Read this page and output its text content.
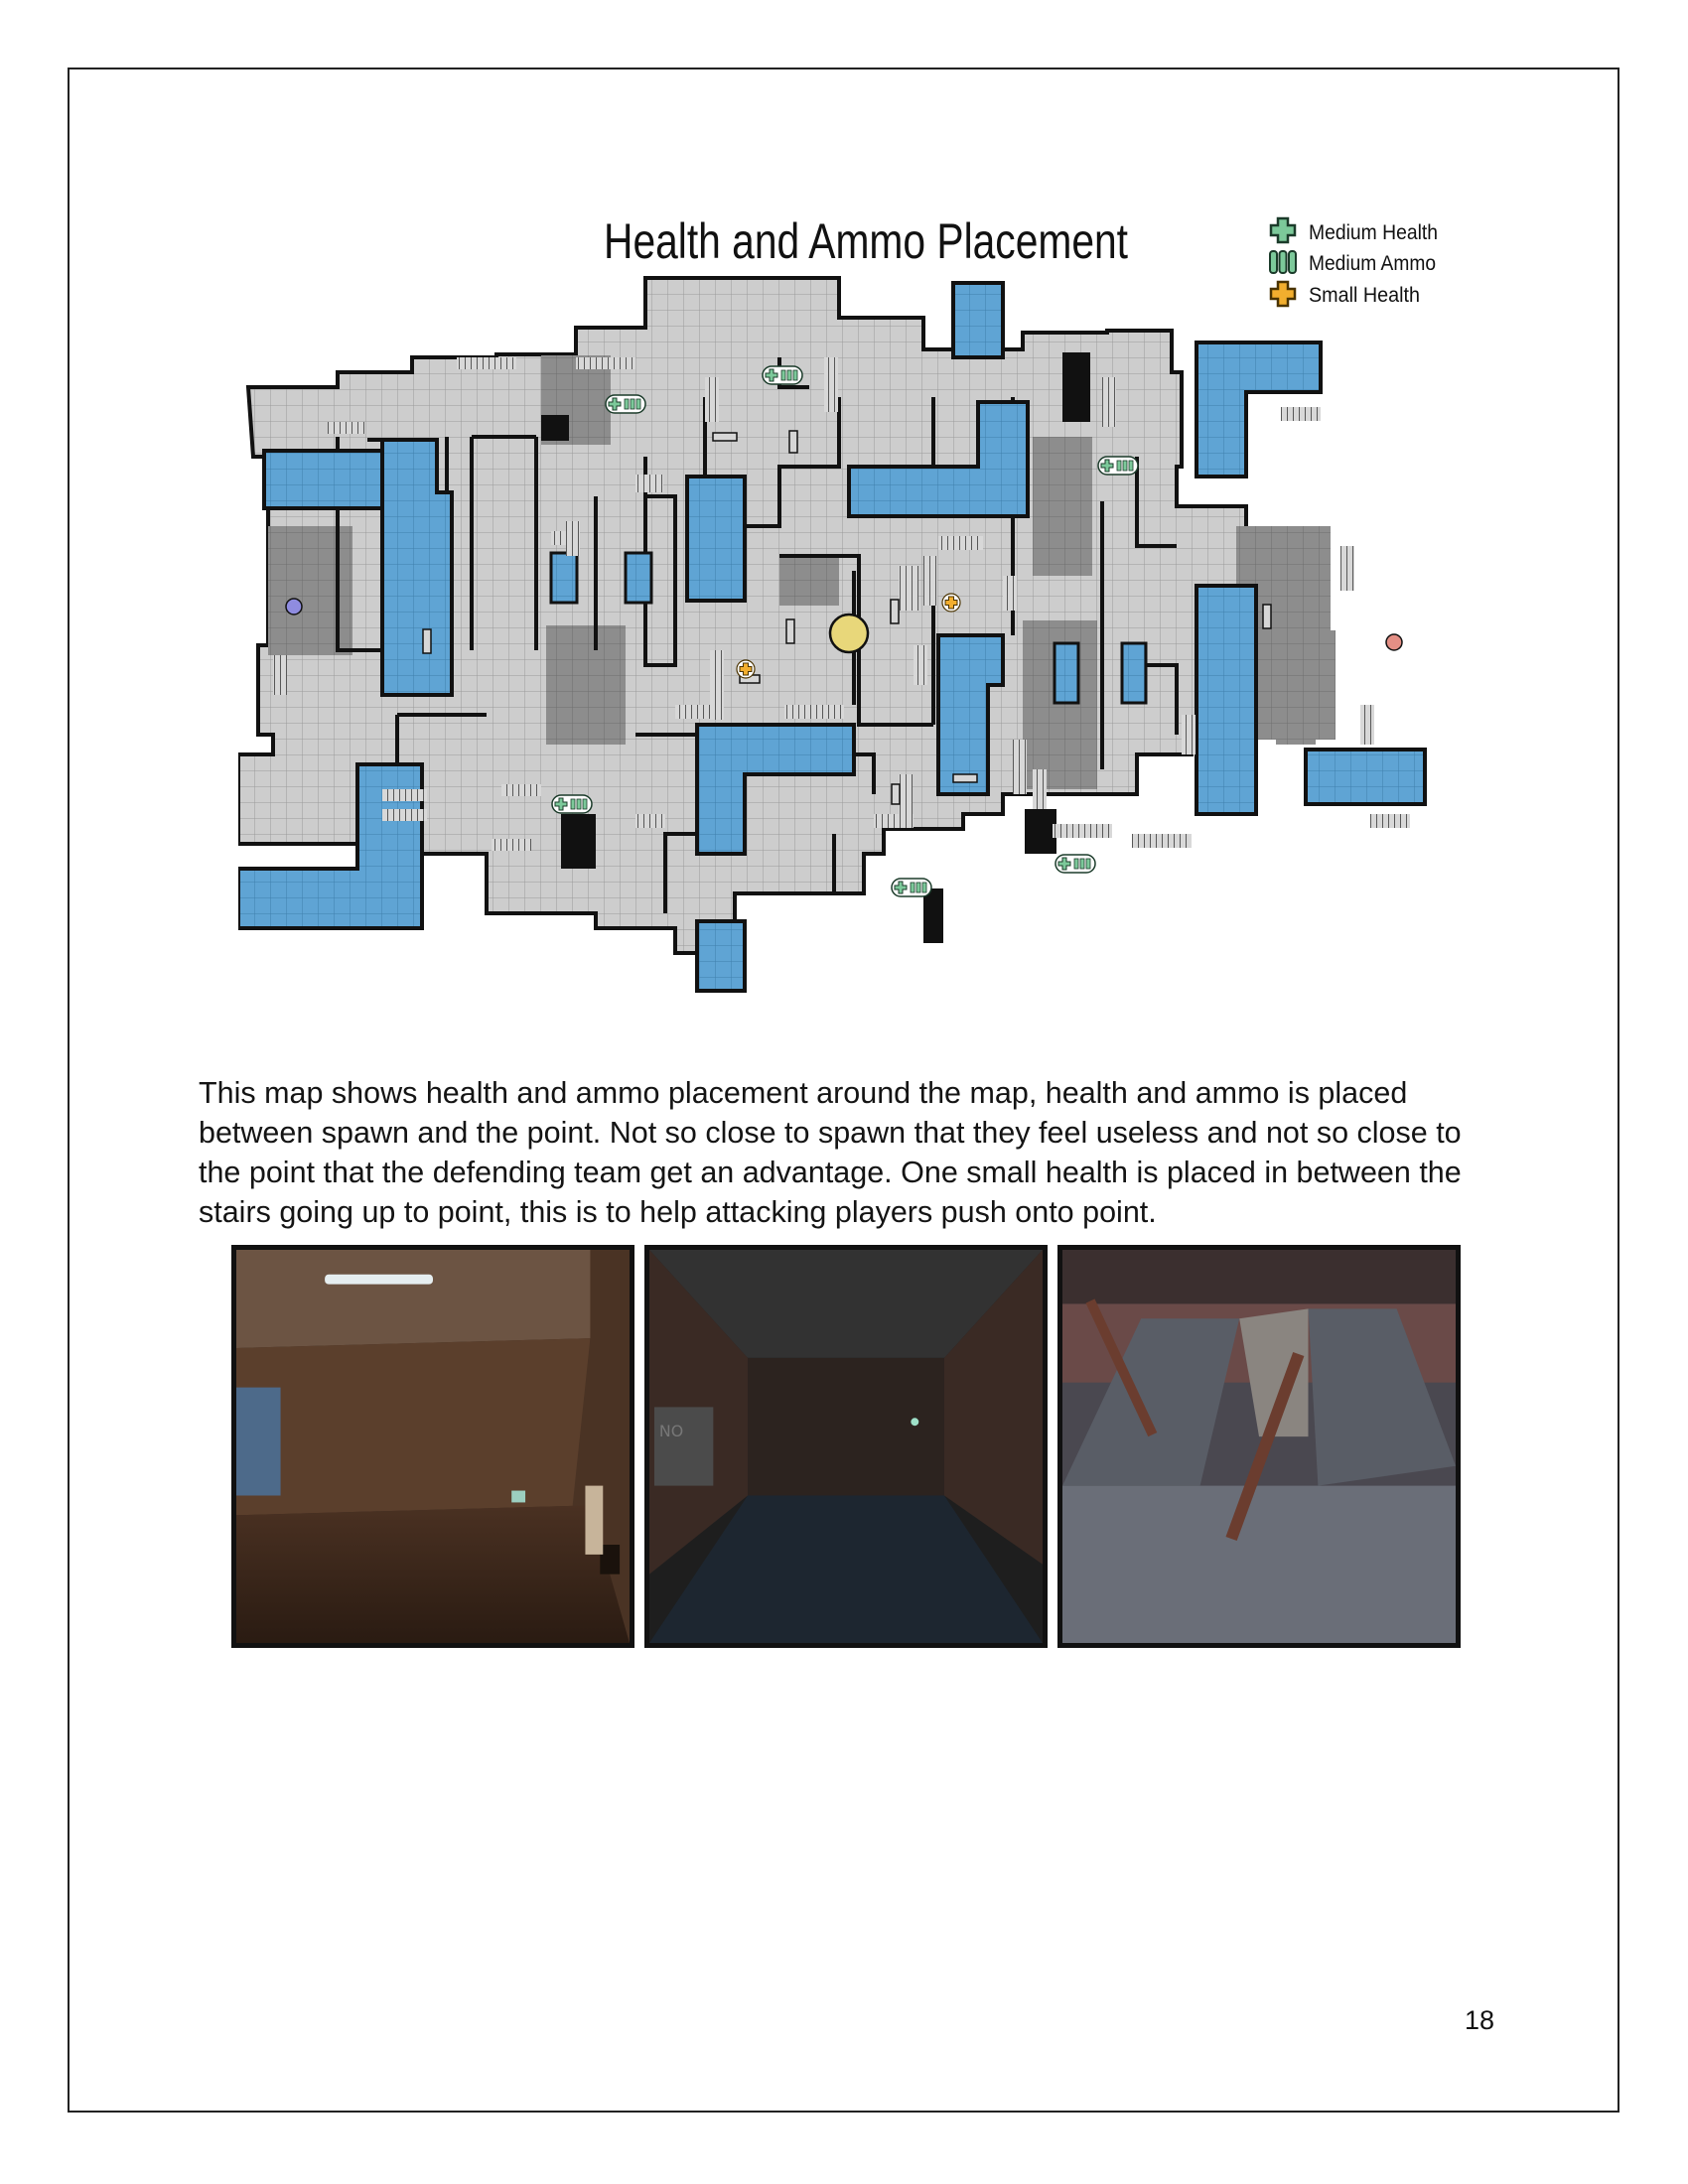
Health and Ammo Placement	Medium Health
Medium Ammo
Small Health

This map shows health and ammo placement around the map, health and ammo is placed between spawn and the point. Not so close to spawn that they feel useless and not so close to the point that the defending team get an advantage. One small health is placed in between the stairs going up to point, this is to help attacking players push onto point.

NO
18
